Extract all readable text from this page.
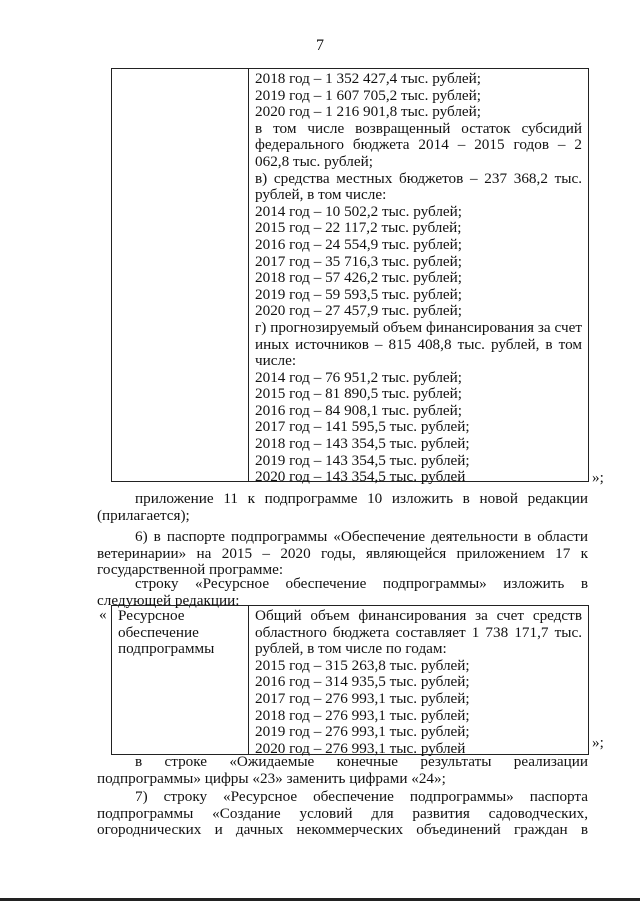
7

2018 год – 1 352 427,4 тыс. рублей;
2019 год – 1 607 705,2 тыс. рублей;
2020 год – 1 216 901,8 тыс. рублей;
в том числе возвращенный остаток субсидий федерального бюджета 2014 – 2015 годов – 2 062,8 тыс. рублей;
в) средства местных бюджетов – 237 368,2 тыс. рублей, в том числе:
2014 год – 10 502,2 тыс. рублей;
2015 год – 22 117,2 тыс. рублей;
2016 год – 24 554,9 тыс. рублей;
2017 год – 35 716,3 тыс. рублей;
2018 год – 57 426,2 тыс. рублей;
2019 год – 59 593,5 тыс. рублей;
2020 год – 27 457,9 тыс. рублей;
г) прогнозируемый объем финансирования за счет иных источников – 815 408,8 тыс. рублей, в том числе:
2014 год – 76 951,2 тыс. рублей;
2015 год – 81 890,5 тыс. рублей;
2016 год – 84 908,1 тыс. рублей;
2017 год – 141 595,5 тыс. рублей;
2018 год – 143 354,5 тыс. рублей;
2019 год – 143 354,5 тыс. рублей;
2020 год – 143 354,5 тыс. рублей	»;
приложение 11 к подпрограмме 10 изложить в новой редакции (прилагается);
6) в паспорте подпрограммы «Обеспечение деятельности в области ветеринарии» на 2015 – 2020 годы, являющейся приложением 17 к государственной программе:
строку «Ресурсное обеспечение подпрограммы» изложить в следующей редакции:
« Ресурсное
обеспечение
подпрограммы

Общий объем финансирования за счет средств областного бюджета составляет 1 738 171,7 тыс. рублей, в том числе по годам:
2015 год – 315 263,8 тыс. рублей;
2016 год – 314 935,5 тыс. рублей;
2017 год – 276 993,1 тыс. рублей;
2018 год – 276 993,1 тыс. рублей;
2019 год – 276 993,1 тыс. рублей;
2020 год – 276 993,1 тыс. рублей	»;
в строке «Ожидаемые конечные результаты реализации подпрограммы» цифры «23» заменить цифрами «24»;
7) строку «Ресурсное обеспечение подпрограммы» паспорта подпрограммы «Создание условий для развития садоводческих, огороднических и дачных некоммерческих объединений граждан в
